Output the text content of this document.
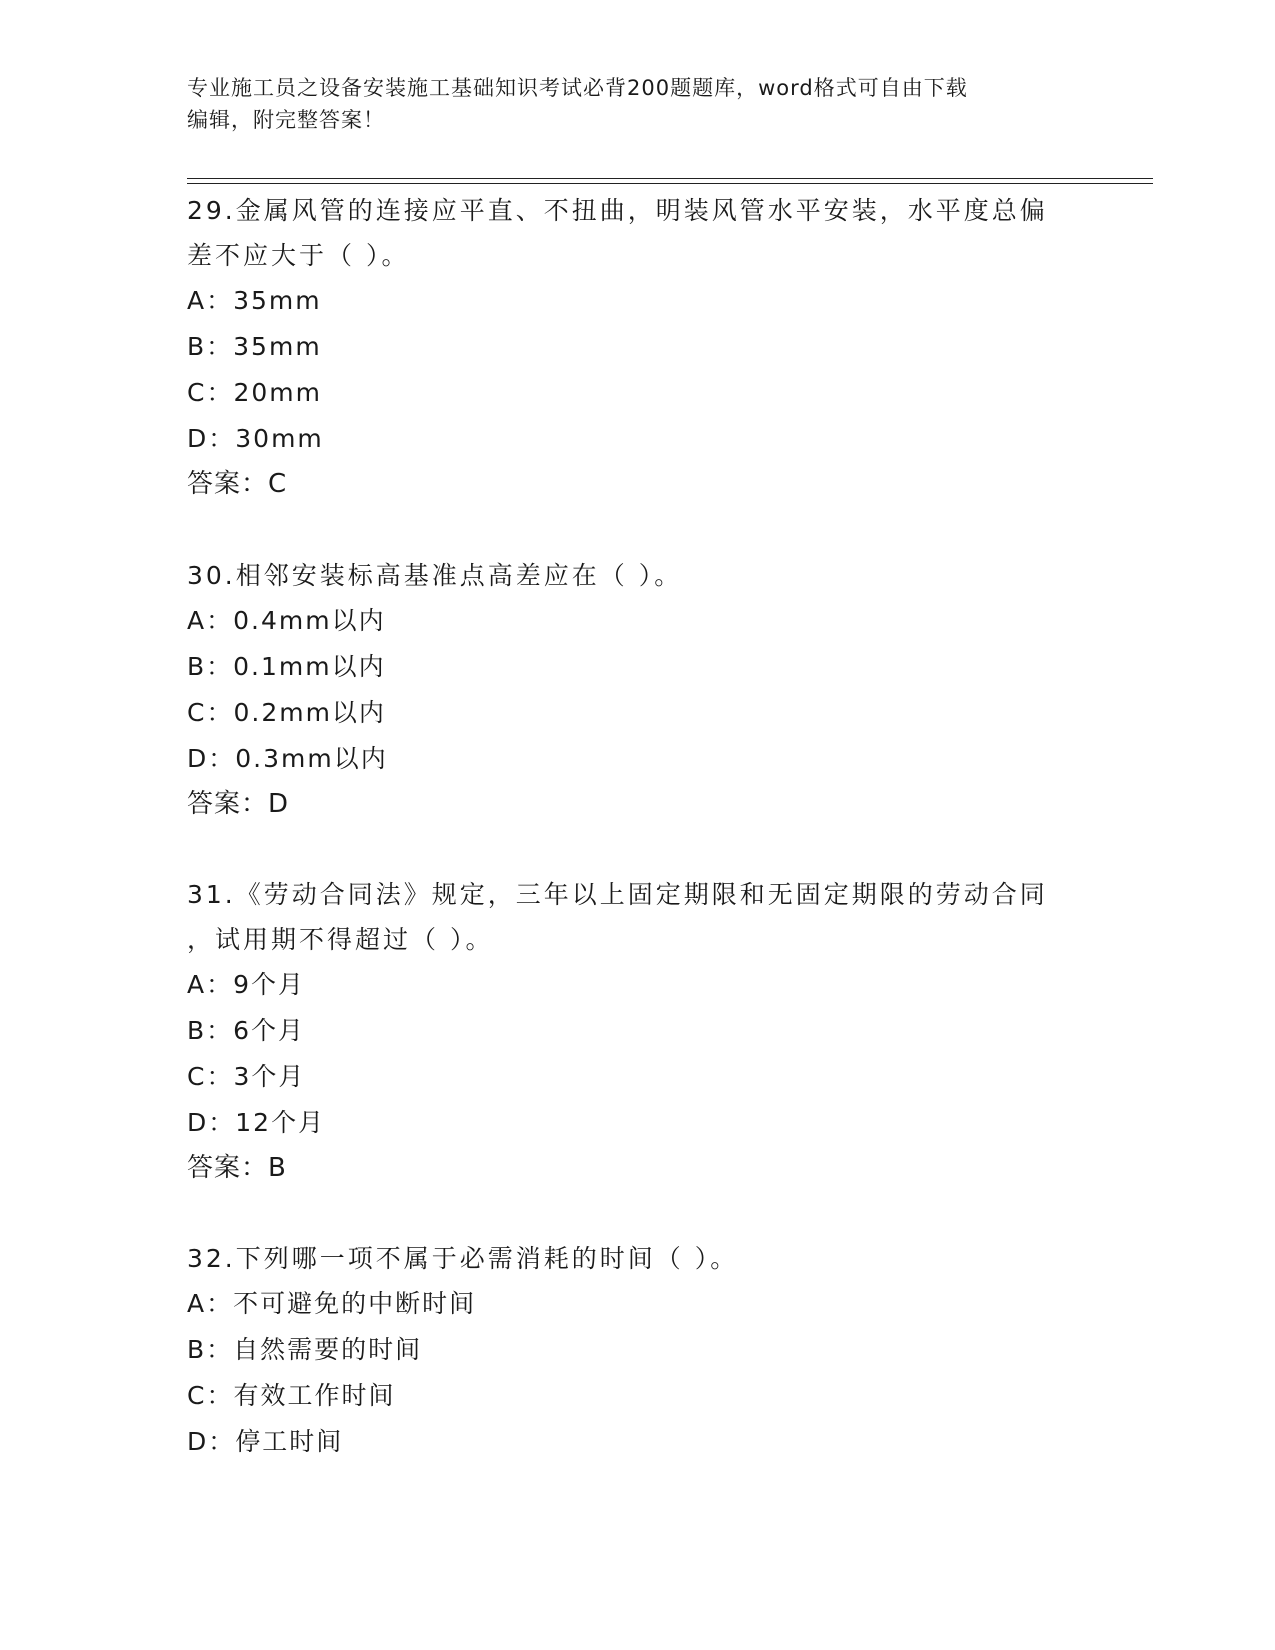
专业施工员之设备安装施工基础知识考试必背200题题库，word格式可自由下载
编辑，附完整答案！
29.金属风管的连接应平直、不扭曲，明装风管水平安装，水平度总偏
差不应大于（ ）。
A：35mm
B：35mm
C：20mm
D：30mm
答案：C
30.相邻安装标高基准点高差应在（ ）。
A：0.4mm以内
B：0.1mm以内
C：0.2mm以内
D：0.3mm以内
答案：D
31.《劳动合同法》规定，三年以上固定期限和无固定期限的劳动合同
，试用期不得超过（ ）。
A：9个月
B：6个月
C：3个月
D：12个月
答案：B
32.下列哪一项不属于必需消耗的时间（ ）。
A：不可避免的中断时间
B：自然需要的时间
C：有效工作时间
D：停工时间
